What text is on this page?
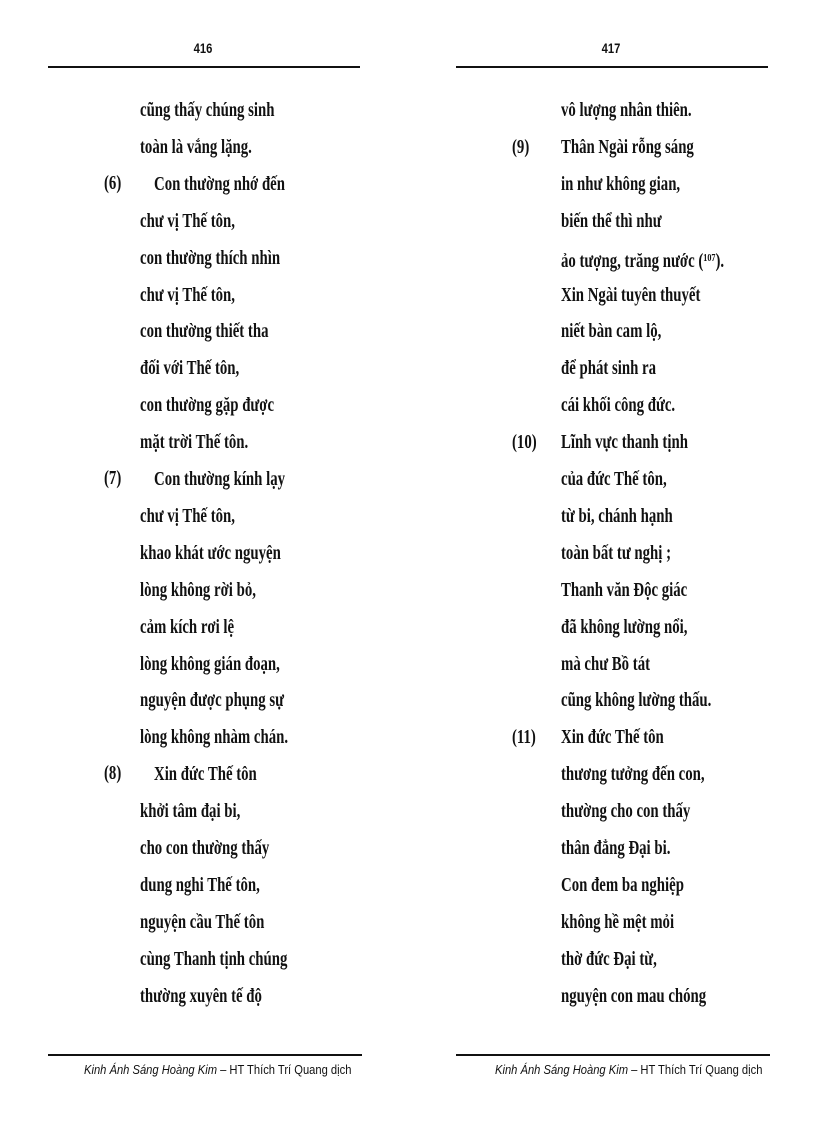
416	417
(6)
(7)
(8)
cũng thấy chúng sinh
toàn là vắng lặng.
Con thường nhớ đến
chư vị Thế tôn,
con thường thích nhìn
chư vị Thế tôn,
con thường thiết tha
đối với Thế tôn,
con thường gặp được
mặt trời Thế tôn.
Con thường kính lạy
chư vị Thế tôn,
khao khát ước nguyện
lòng không rời bỏ,
cảm kích rơi lệ
lòng không gián đoạn,
nguyện được phụng sự
lòng không nhàm chán.
Xin đức Thế tôn
khởi tâm đại bi,
cho con thường thấy
dung nghi Thế tôn,
nguyện cầu Thế tôn
cùng Thanh tịnh chúng
thường xuyên tế độ
(9)
(10)
(11)
vô lượng nhân thiên.
Thân Ngài rỗng sáng
in như không gian,
biến thể thì như
ảo tượng, trăng nước ($^{107}$).
Xin Ngài tuyên thuyết
niết bàn cam lộ,
để phát sinh ra
cái khối công đức.
Lĩnh vực thanh tịnh
của đức Thế tôn,
từ bi, chánh hạnh
toàn bất tư nghị ;
Thanh văn Độc giác
đã không lường nổi,
mà chư Bồ tát
cũng không lường thấu.
Xin đức Thế tôn
thương tưởng đến con,
thường cho con thấy
thân đẳng Đại bi.
Con đem ba nghiệp
không hề mệt mỏi
thờ đức Đại từ,
nguyện con mau chóng
Kinh Ánh Sáng Hoàng Kim – HT Thích Trí Quang dịch	Kinh Ánh Sáng Hoàng Kim – HT Thích Trí Quang dịch
